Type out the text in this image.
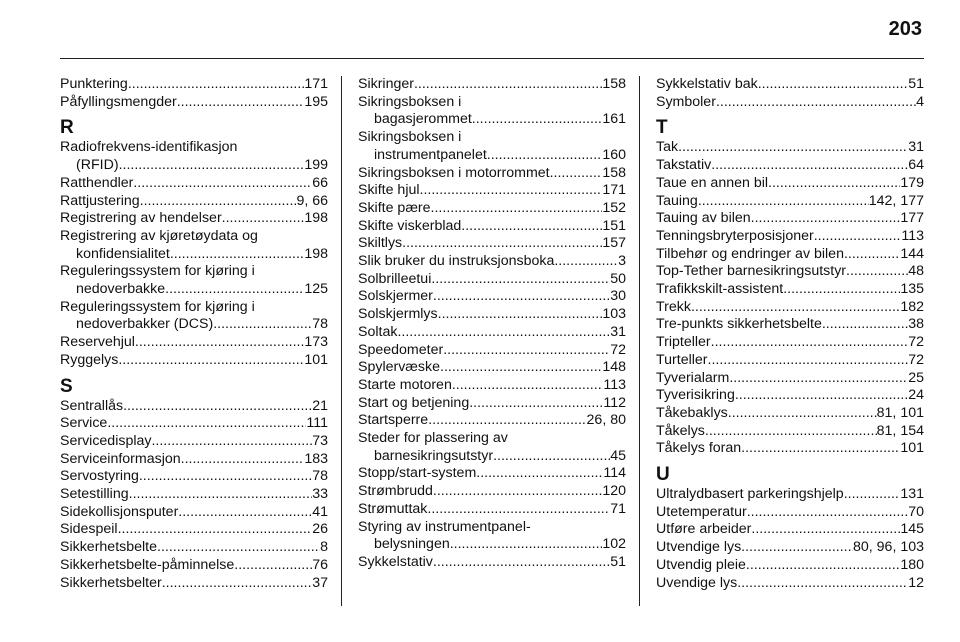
203
Punktering .....	171
Påfyllingsmengder .....	195
R
Radiofrekvens-identifikasjon
(RFID) .....	199
Ratthendler .....	66
Rattjustering .....	9, 66
Registrering av hendelser .....	198
Registrering av kjøretøydata og
konfidensialitet .....	198
Reguleringssystem for kjøring i
nedoverbakke .....	125
Reguleringssystem for kjøring i
nedoverbakker (DCS) .....	78
Reservehjul .....	173
Ryggelys .....	101
S
Sentrallås .....	21
Service .....	111
Servicedisplay .....	73
Serviceinformasjon .....	183
Servostyring .....	78
Setestilling .....	33
Sidekollisjonsputer .....	41
Sidespeil .....	26
Sikkerhetsbelte .....	8
Sikkerhetsbelte-påminnelse .....	76
Sikkerhetsbelter .....	37
Sikringer .....	158
Sikringsboksen i
bagasjerommet .....	161
Sikringsboksen i
instrumentpanelet .....	160
Sikringsboksen i motorrommet .....	158
Skifte hjul .....	171
Skifte pære .....	152
Skifte viskerblad .....	151
Skiltlys .....	157
Slik bruker du instruksjonsboka .....	3
Solbrilleetui .....	50
Solskjermer .....	30
Solskjermlys .....	103
Soltak .....	31
Speedometer .....	72
Spylervæske .....	148
Starte motoren .....	113
Start og betjening .....	112
Startsperre .....	26, 80
Steder for plassering av
barnesikringsutstyr .....	45
Stopp/start-system .....	114
Strømbrudd .....	120
Strømuttak .....	71
Styring av instrumentpanel-
belysningen .....	102
Sykkelstativ .....	51
Sykkelstativ bak .....	51
Symboler .....	4
T
Tak .....	31
Takstativ .....	64
Taue en annen bil .....	179
Tauing .....	142, 177
Tauing av bilen .....	177
Tenningsbryterposisjoner .....	113
Tilbehør og endringer av bilen .....	144
Top-Tether barnesikringsutstyr .....	48
Trafikkskilt-assistent .....	135
Trekk .....	182
Tre-punkts sikkerhetsbelte .....	38
Tripteller .....	72
Turteller .....	72
Tyverialarm .....	25
Tyverisikring .....	24
Tåkebaklys .....	81, 101
Tåkelys .....	81, 154
Tåkelys foran .....	101
U
Ultralydbasert parkeringshjelp .....	131
Utetemperatur .....	70
Utføre arbeider .....	145
Utvendige lys .....	80, 96, 103
Utvendig pleie .....	180
Uvendige lys .....	12
